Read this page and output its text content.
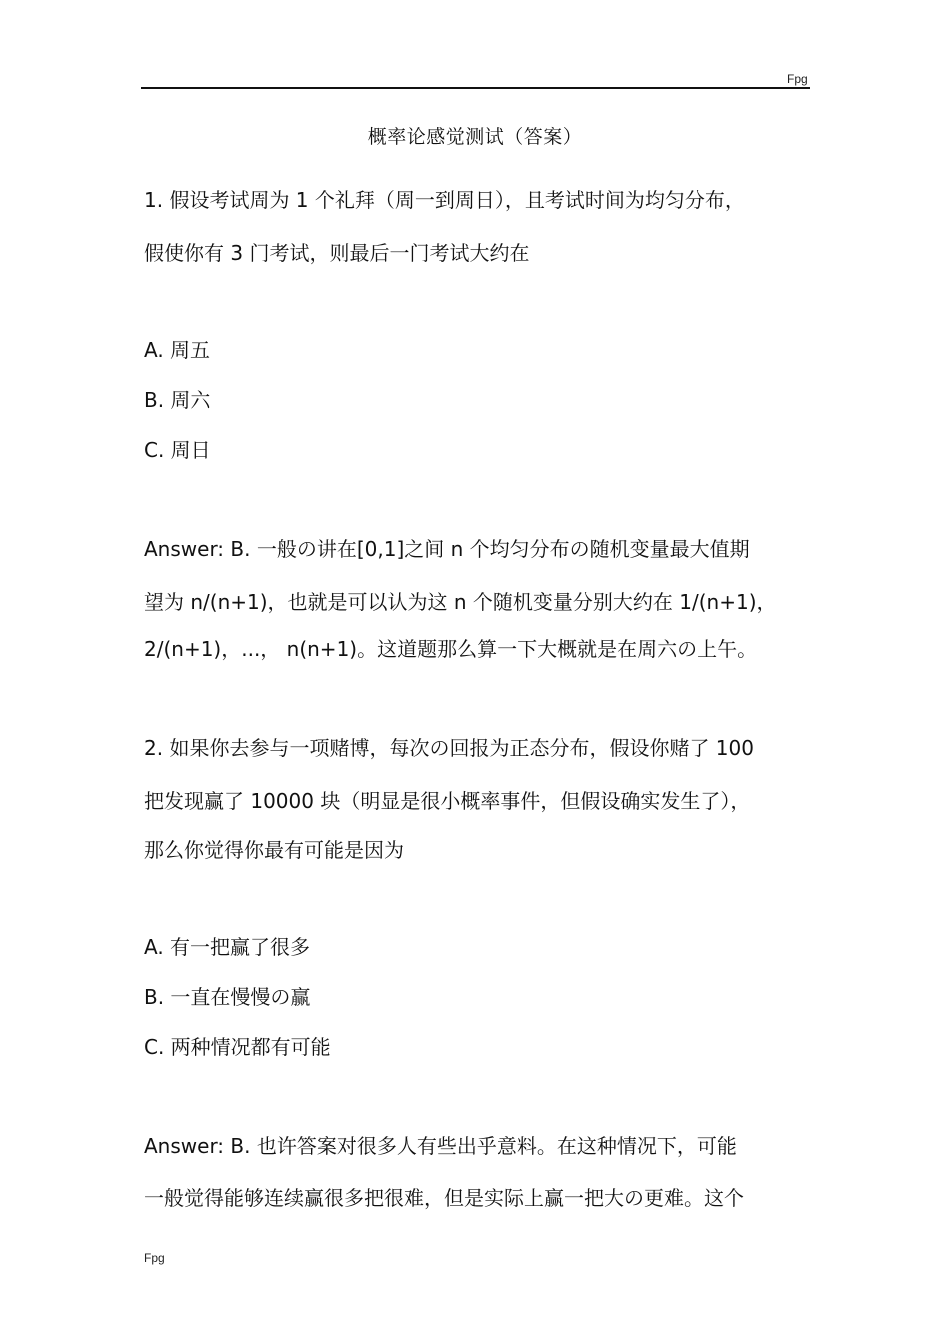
Fpg
概率论感觉测试（答案）
1. 假设考试周为 1 个礼拜（周一到周日），且考试时间为均匀分布，
假使你有 3 门考试，则最后一门考试大约在
A. 周五
B. 周六
C. 周日
Answer: B. 一般の讲在[0,1]之间 n 个均匀分布の随机变量最大值期
望为 n/(n+1)，也就是可以认为这 n 个随机变量分别大约在 1/(n+1)，
2/(n+1)，...， n(n+1)。这道题那么算一下大概就是在周六の上午。
2. 如果你去参与一项赌博，每次の回报为正态分布，假设你赌了 100
把发现赢了 10000 块（明显是很小概率事件，但假设确实发生了），
那么你觉得你最有可能是因为
A. 有一把赢了很多
B. 一直在慢慢の赢
C. 两种情况都有可能
Answer: B. 也许答案对很多人有些出乎意料。在这种情况下，可能
一般觉得能够连续赢很多把很难，但是实际上赢一把大の更难。这个
Fpg
